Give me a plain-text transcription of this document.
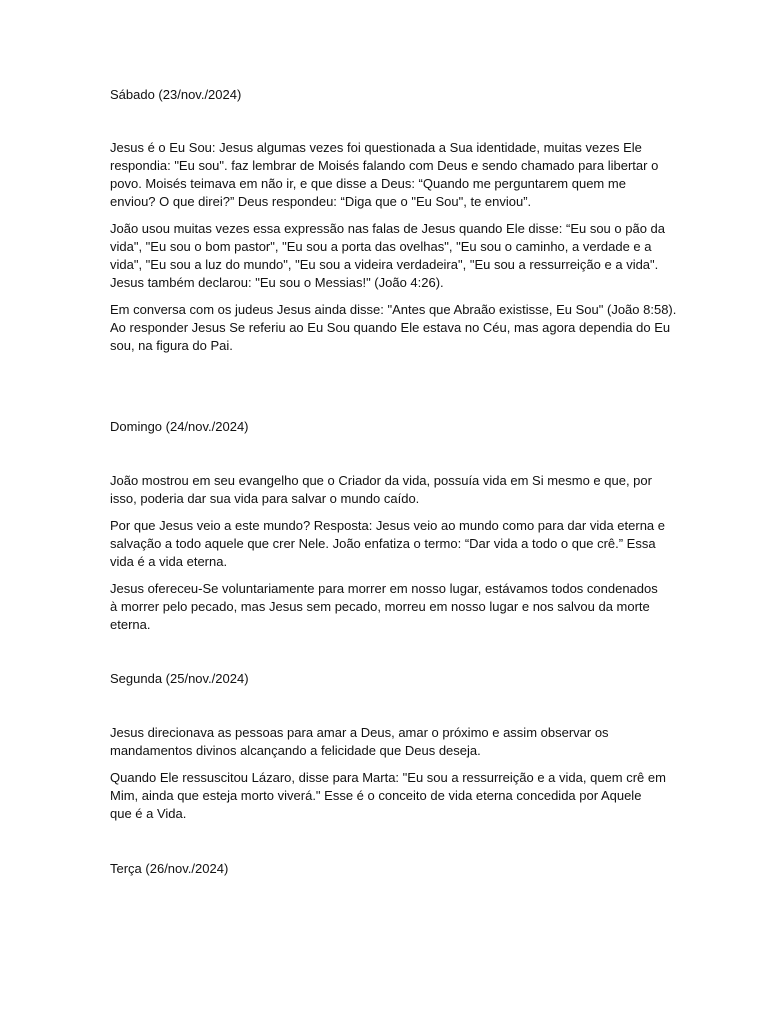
Sábado (23/nov./2024)

Jesus é o Eu Sou: Jesus algumas vezes foi questionada a Sua identidade, muitas vezes Ele

respondia: "Eu sou". faz lembrar de Moisés falando com Deus e sendo chamado para libertar o

povo. Moisés teimava em não ir, e que disse a Deus: “Quando me perguntarem quem me

enviou? O que direi?” Deus respondeu: “Diga que o "Eu Sou", te enviou”.

João usou muitas vezes essa expressão nas falas de Jesus quando Ele disse: “Eu sou o pão da

vida", "Eu sou o bom pastor", "Eu sou a porta das ovelhas", "Eu sou o caminho, a verdade e a

vida", "Eu sou a luz do mundo", "Eu sou a videira verdadeira", "Eu sou a ressurreição e a vida".

Jesus também declarou: "Eu sou o Messias!" (João 4:26).

Em conversa com os judeus Jesus ainda disse: "Antes que Abraão existisse, Eu Sou" (João 8:58).

Ao responder Jesus Se referiu ao Eu Sou quando Ele estava no Céu, mas agora dependia do Eu

sou, na figura do Pai.

Domingo (24/nov./2024)

João mostrou em seu evangelho que o Criador da vida, possuía vida em Si mesmo e que, por

isso, poderia dar sua vida para salvar o mundo caído.

Por que Jesus veio a este mundo? Resposta: Jesus veio ao mundo como para dar vida eterna e

salvação a todo aquele que crer Nele. João enfatiza o termo: “Dar vida a todo o que crê.” Essa

vida é a vida eterna.

Jesus ofereceu-Se voluntariamente para morrer em nosso lugar, estávamos todos condenados

à morrer pelo pecado, mas Jesus sem pecado, morreu em nosso lugar e nos salvou da morte

eterna.

Segunda (25/nov./2024)

Jesus direcionava as pessoas para amar a Deus, amar o próximo e assim observar os

mandamentos divinos alcançando a felicidade que Deus deseja.

Quando Ele ressuscitou Lázaro, disse para Marta: "Eu sou a ressurreição e a vida, quem crê em

Mim, ainda que esteja morto viverá." Esse é o conceito de vida eterna concedida por Aquele

que é a Vida.

Terça (26/nov./2024)
